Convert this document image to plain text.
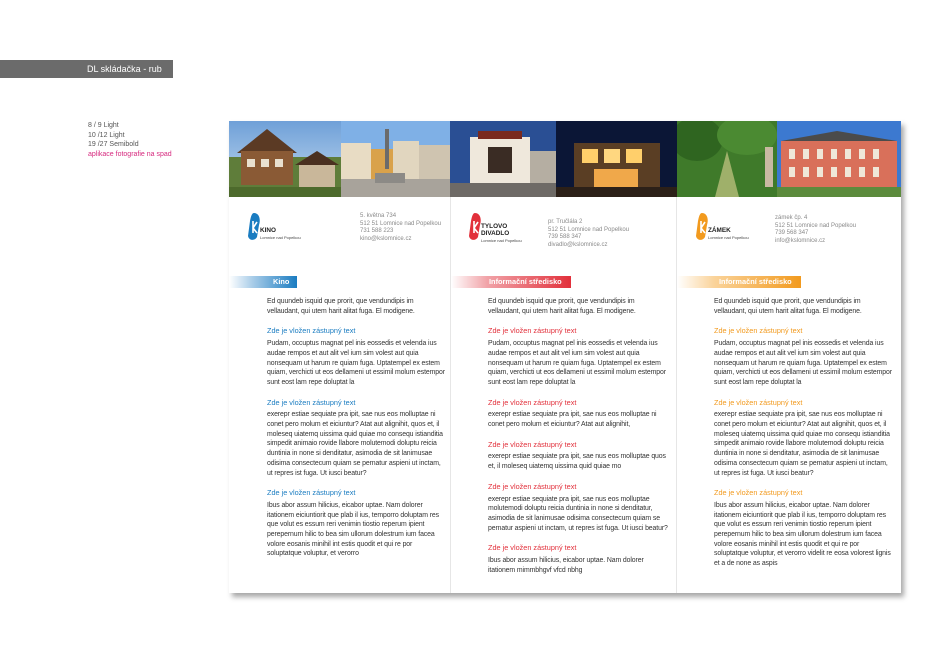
DL skládačka - rub
8 / 9 Light
10 /12 Light
19 /27 Semibold
aplikace fotografie na spad
KINO
Lomnice nad Popelkou
5. května 734
512 51 Lomnice nad Popelkou
731 588 223
kino@kslomnice.cz
Kino

Ed quundeb isquid que prorit, que vendundipis im vellaudant, qui utem harit alitat fuga. El modigene.

Zde je vložen zástupný text

Pudam, occuptus magnat pel inis eossedis et velenda ius audae rempos et aut alit vel ium sim volest aut quia nonsequam ut harum re quiam fuga. Uptatempel ex estem quiam, verchicti ut eos dellameni ut essimil molum estempor sunt eost lam repe doluptat la

Zde je vložen zástupný text

exerepr estiae sequiate pra ipit, sae nus eos molluptae ni conet pero molum et eiciuntur? Atat aut alignihit, quos et, il moleseq uiatemq uissima quid quiae mo consequ istianditia simpedit animaio rovide llabore molutemodi doluptu reicia duntinia in none si denditatur, asimodia de sit lanimusae odisima consectecum quiam se pernatur aspieni ut inctam, ut repres ist fuga. Ut iusci beatur?

Zde je vložen zástupný text

Ibus abor assum hilicius, eicabor uptae. Nam dolorer itationem eiciuntiorit que plab il ius, temporro doluptam res que volut es essum reri venimin tiostio reperum ipient perepernum hilic to bea sim ullorum dolestrum ium facea volore eosanis minihil int estis quodit et qui re por soluptatque voluptur, et verorro

TYLOVO
DIVADLO
Lomnice nad Popelkou
pr. Tručlála 2
512 51 Lomnice nad Popelkou
739 588 347
divadlo@kslomnice.cz
Informační středisko

Ed quundeb isquid que prorit, que vendundipis im vellaudant, qui utem harit alitat fuga. El modigene.

Zde je vložen zástupný text

Pudam, occuptus magnat pel inis eossedis et velenda ius audae rempos et aut alit vel ium sim volest aut quia nonsequam ut harum re quiam fuga. Uptatempel ex estem quiam, verchicti ut eos dellameni ut essimil molum estempor sunt eost lam repe doluptat la

Zde je vložen zástupný text

exerepr estiae sequiate pra ipit, sae nus eos molluptae ni conet pero molum et eiciuntur? Atat aut alignihit,

Zde je vložen zástupný text

exerepr estiae sequiate pra ipit, sae nus eos molluptae quos et, il moleseq uiatemq uissima quid quiae mo

Zde je vložen zástupný text

exerepr estiae sequiate pra ipit, sae nus eos molluptae molutemodi doluptu reicia duntinia in none si denditatur, asimodia de sit lanimusae odisima consectecum quiam se pernatur aspieni ut inctam, ut repres ist fuga. Ut iusci beatur?

Zde je vložen zástupný text

Ibus abor assum hilicius, eicabor uptae. Nam dolorer itationem mimmbhgvf vfcd nbhg

ZÁMEK
Lomnice nad Popelkou
zámek čp. 4
512 51 Lomnice nad Popelkou
739 568 347
info@kslomnice.cz
Informační středisko

Ed quundeb isquid que prorit, que vendundipis im vellaudant, qui utem harit alitat fuga. El modigene.

Zde je vložen zástupný text

Pudam, occuptus magnat pel inis eossedis et velenda ius audae rempos et aut alit vel ium sim volest aut quia nonsequam ut harum re quiam fuga. Uptatempel ex estem quiam, verchicti ut eos dellameni ut essimil molum estempor sunt eost lam repe doluptat la

Zde je vložen zástupný text

exerepr estiae sequiate pra ipit, sae nus eos molluptae ni conet pero molum et eiciuntur? Atat aut alignihit, quos et, il moleseq uiatemq uissima quid quiae mo consequ istianditia simpedit animaio rovide llabore molutemodi doluptu reicia duntinia in none si denditatur, asimodia de sit lanimusae odisima consectecum quiam se pernatur aspieni ut inctam, ut repres ist fuga. Ut iusci beatur?

Zde je vložen zástupný text

Ibus abor assum hilicius, eicabor uptae. Nam dolorer itationem eiciuntiorit que plab il ius, temporro doluptam res que volut es essum reri venimin tiostio reperum ipient perepernum hilic to bea sim ullorum dolestrum ium facea volore eosanis minihil int estis quodit et qui re por soluptatque voluptur, et verorro videlit re eosa volorest lignis et a de none as aspis
